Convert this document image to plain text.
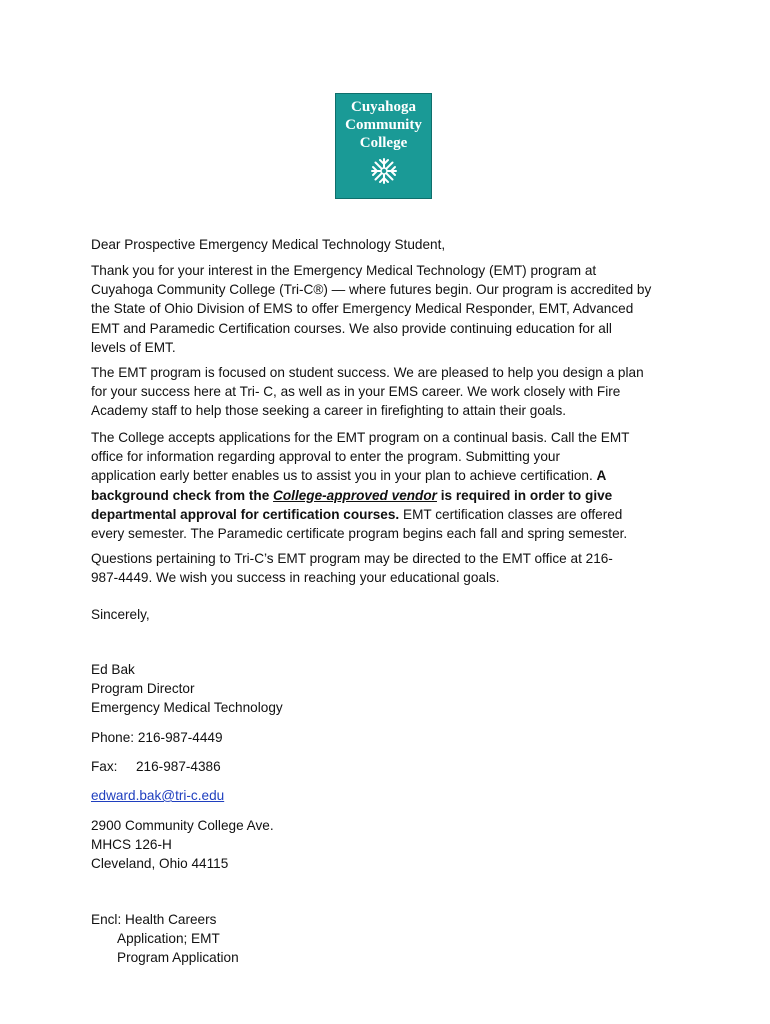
Cuyahoga
Community
College

Dear Prospective Emergency Medical Technology Student,

Thank you for your interest in the Emergency Medical Technology (EMT) program at
Cuyahoga Community College (Tri-C®) — where futures begin. Our program is accredited by
the State of Ohio Division of EMS to offer Emergency Medical Responder, EMT, Advanced
EMT and Paramedic Certification courses. We also provide continuing education for all
levels of EMT.
The EMT program is focused on student success. We are pleased to help you design a plan
for your success here at Tri- C, as well as in your EMS career. We work closely with Fire
Academy staff to help those seeking a career in firefighting to attain their goals.
The College accepts applications for the EMT program on a continual basis. Call the EMT
office for information regarding approval to enter the program. Submitting your
application early better enables us to assist you in your plan to achieve certification. A
background check from the College-approved vendor is required in order to give
departmental approval for certification courses. EMT certification classes are offered
every semester. The Paramedic certificate program begins each fall and spring semester.
Questions pertaining to Tri-C’s EMT program may be directed to the EMT office at 216-
987-4449. We wish you success in reaching your educational goals.

Sincerely,

Ed Bak
Program Director
Emergency Medical Technology

Phone: 216-987-4449

Fax: 216-987-4386

edward.bak@tri-c.edu

2900 Community College Ave.
MHCS 126-H
Cleveland, Ohio 44115
Encl: Health Careers
Application; EMT
Program Application
